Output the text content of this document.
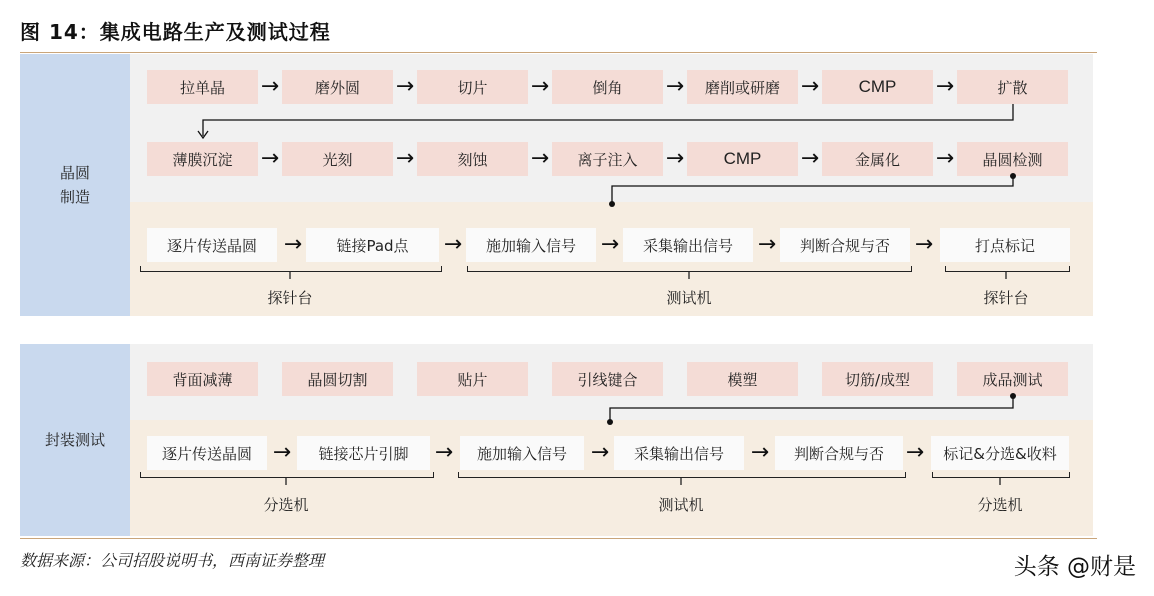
图 14：集成电路生产及测试过程
晶圆
制造
拉单晶	→	磨外圆	→	切片	→	倒角	→	磨削或研磨 →	CMP	→	扩散
薄膜沉淀	→	光刻	→	刻蚀	→	离子注入	→	CMP	→	金属化	→	晶圆检测
逐片传送晶圆	→	链接Pad点	→	施加输入信号	→	采集输出信号	→	判断合规与否	→	打点标记
探针台	测试机	探针台
封装测试
背面减薄	晶圆切割	贴片	引线键合	模塑	切筋/成型	成品测试
逐片传送晶圆 →	链接芯片引脚	→	施加输入信号	→	采集输出信号	→	判断合规与否 →	标记&分选&收料
分选机	测试机	分选机
数据来源：公司招股说明书，西南证券整理	头条 @财是
